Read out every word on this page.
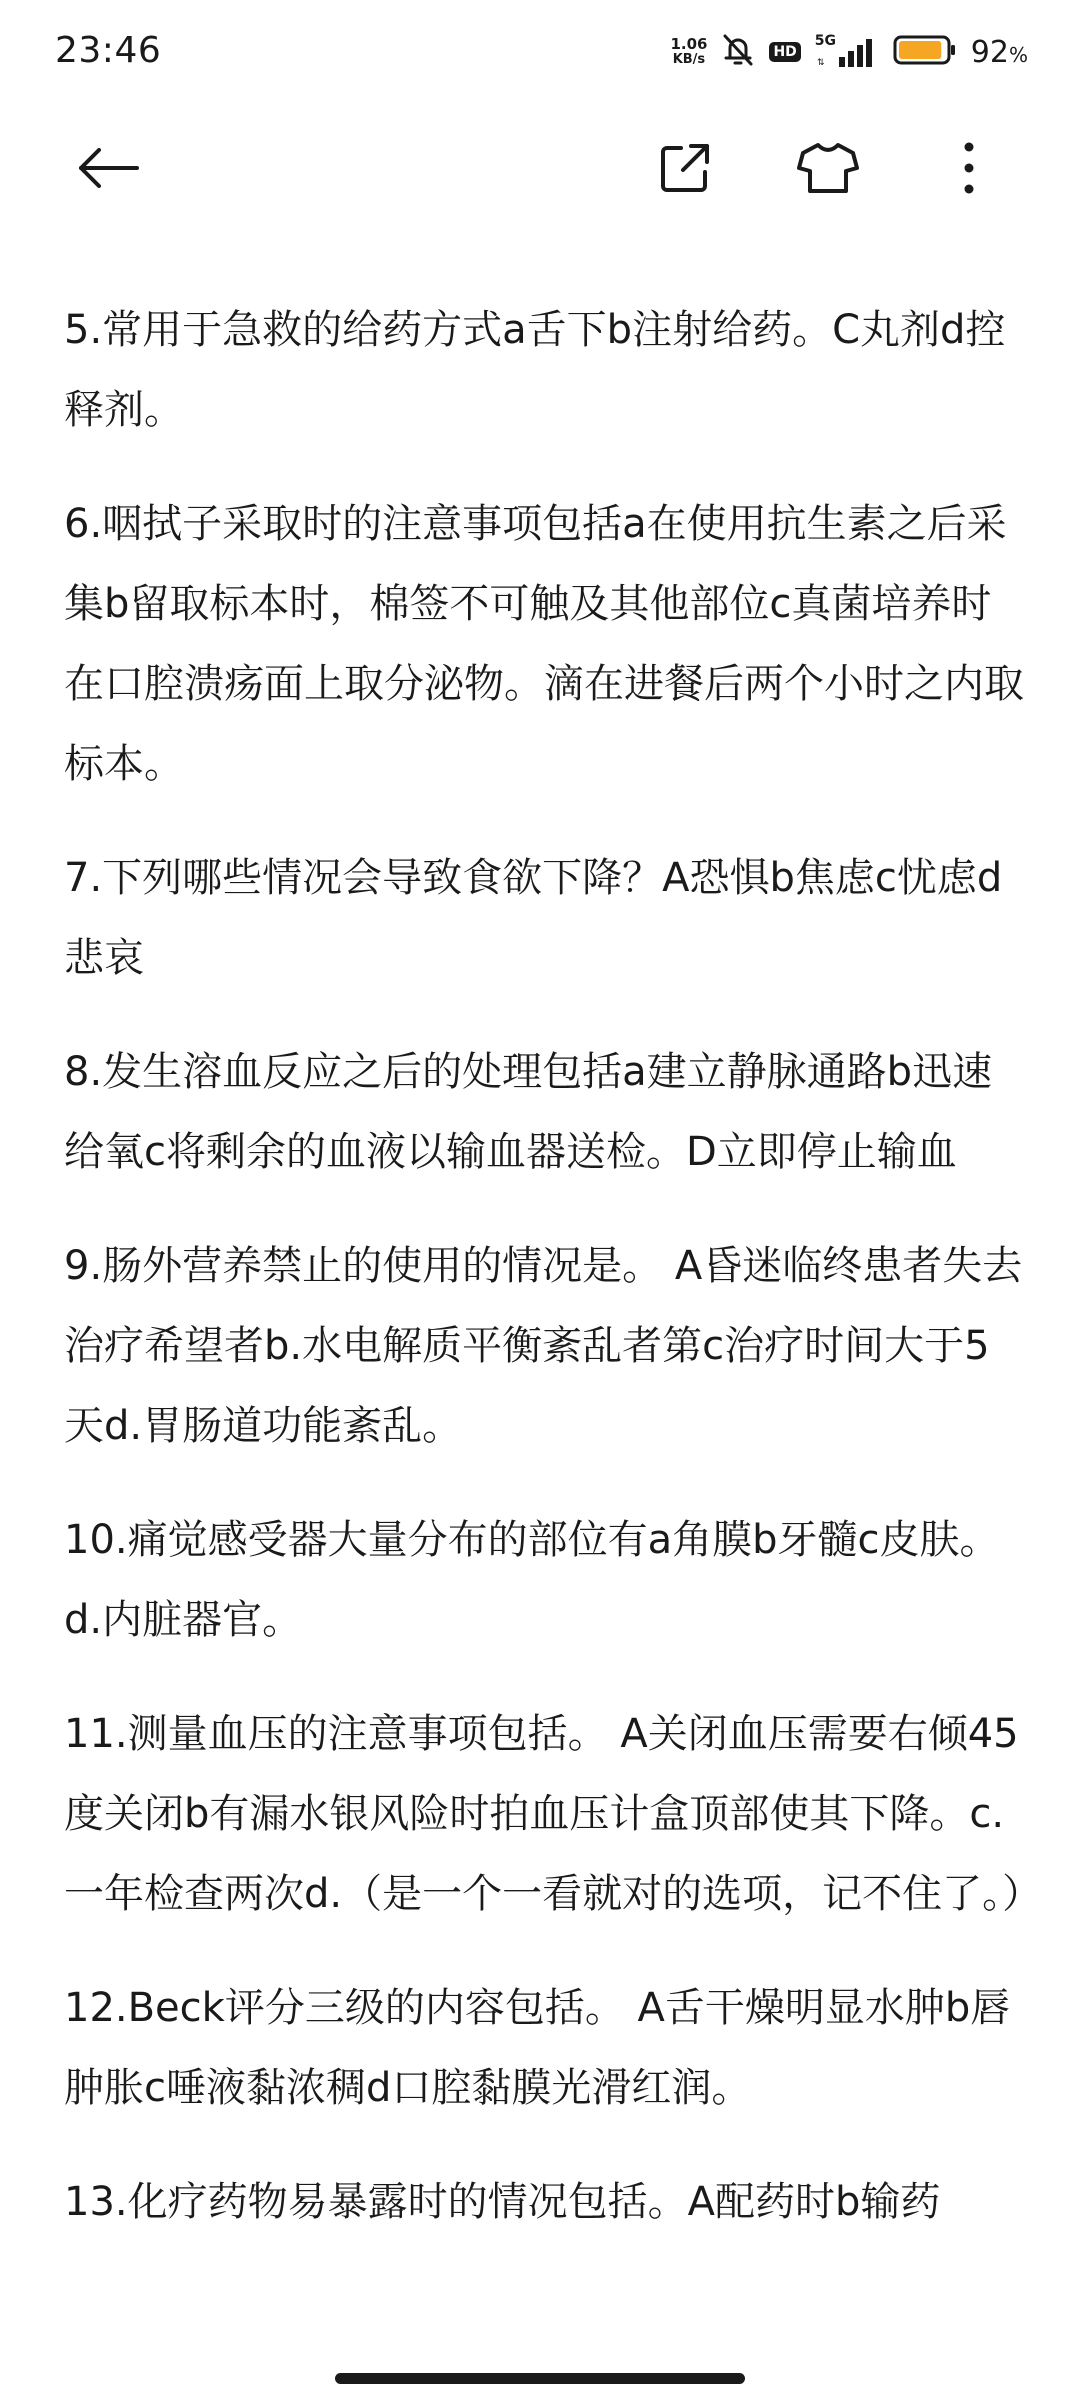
23:46	1.06
KB/s	HD
5G
⇅	92%

5.常用于急救的给药方式a舌下b注射给药。C丸剂d控释剂。

6.咽拭子采取时的注意事项包括a在使用抗生素之后采集b留取标本时，棉签不可触及其他部位c真菌培养时在口腔溃疡面上取分泌物。滴在进餐后两个小时之内取标本。

7.下列哪些情况会导致食欲下降？A恐惧b焦虑c忧虑d悲哀

8.发生溶血反应之后的处理包括a建立静脉通路b迅速给氧c将剩余的血液以输血器送检。D立即停止输血

9.肠外营养禁止的使用的情况是。 A昏迷临终患者失去治疗希望者b.水电解质平衡紊乱者第c治疗时间大于5天d.胃肠道功能紊乱。

10.痛觉感受器大量分布的部位有a角膜b牙髓c皮肤。d.内脏器官。

11.测量血压的注意事项包括。 A关闭血压需要右倾45度关闭b有漏水银风险时拍血压计盒顶部使其下降。c.一年检查两次d.（是一个一看就对的选项，记不住了。）

12.Beck评分三级的内容包括。 A舌干燥明显水肿b唇肿胀c唾液黏浓稠d口腔黏膜光滑红润。

13.化疗药物易暴露时的情况包括。A配药时b输药
